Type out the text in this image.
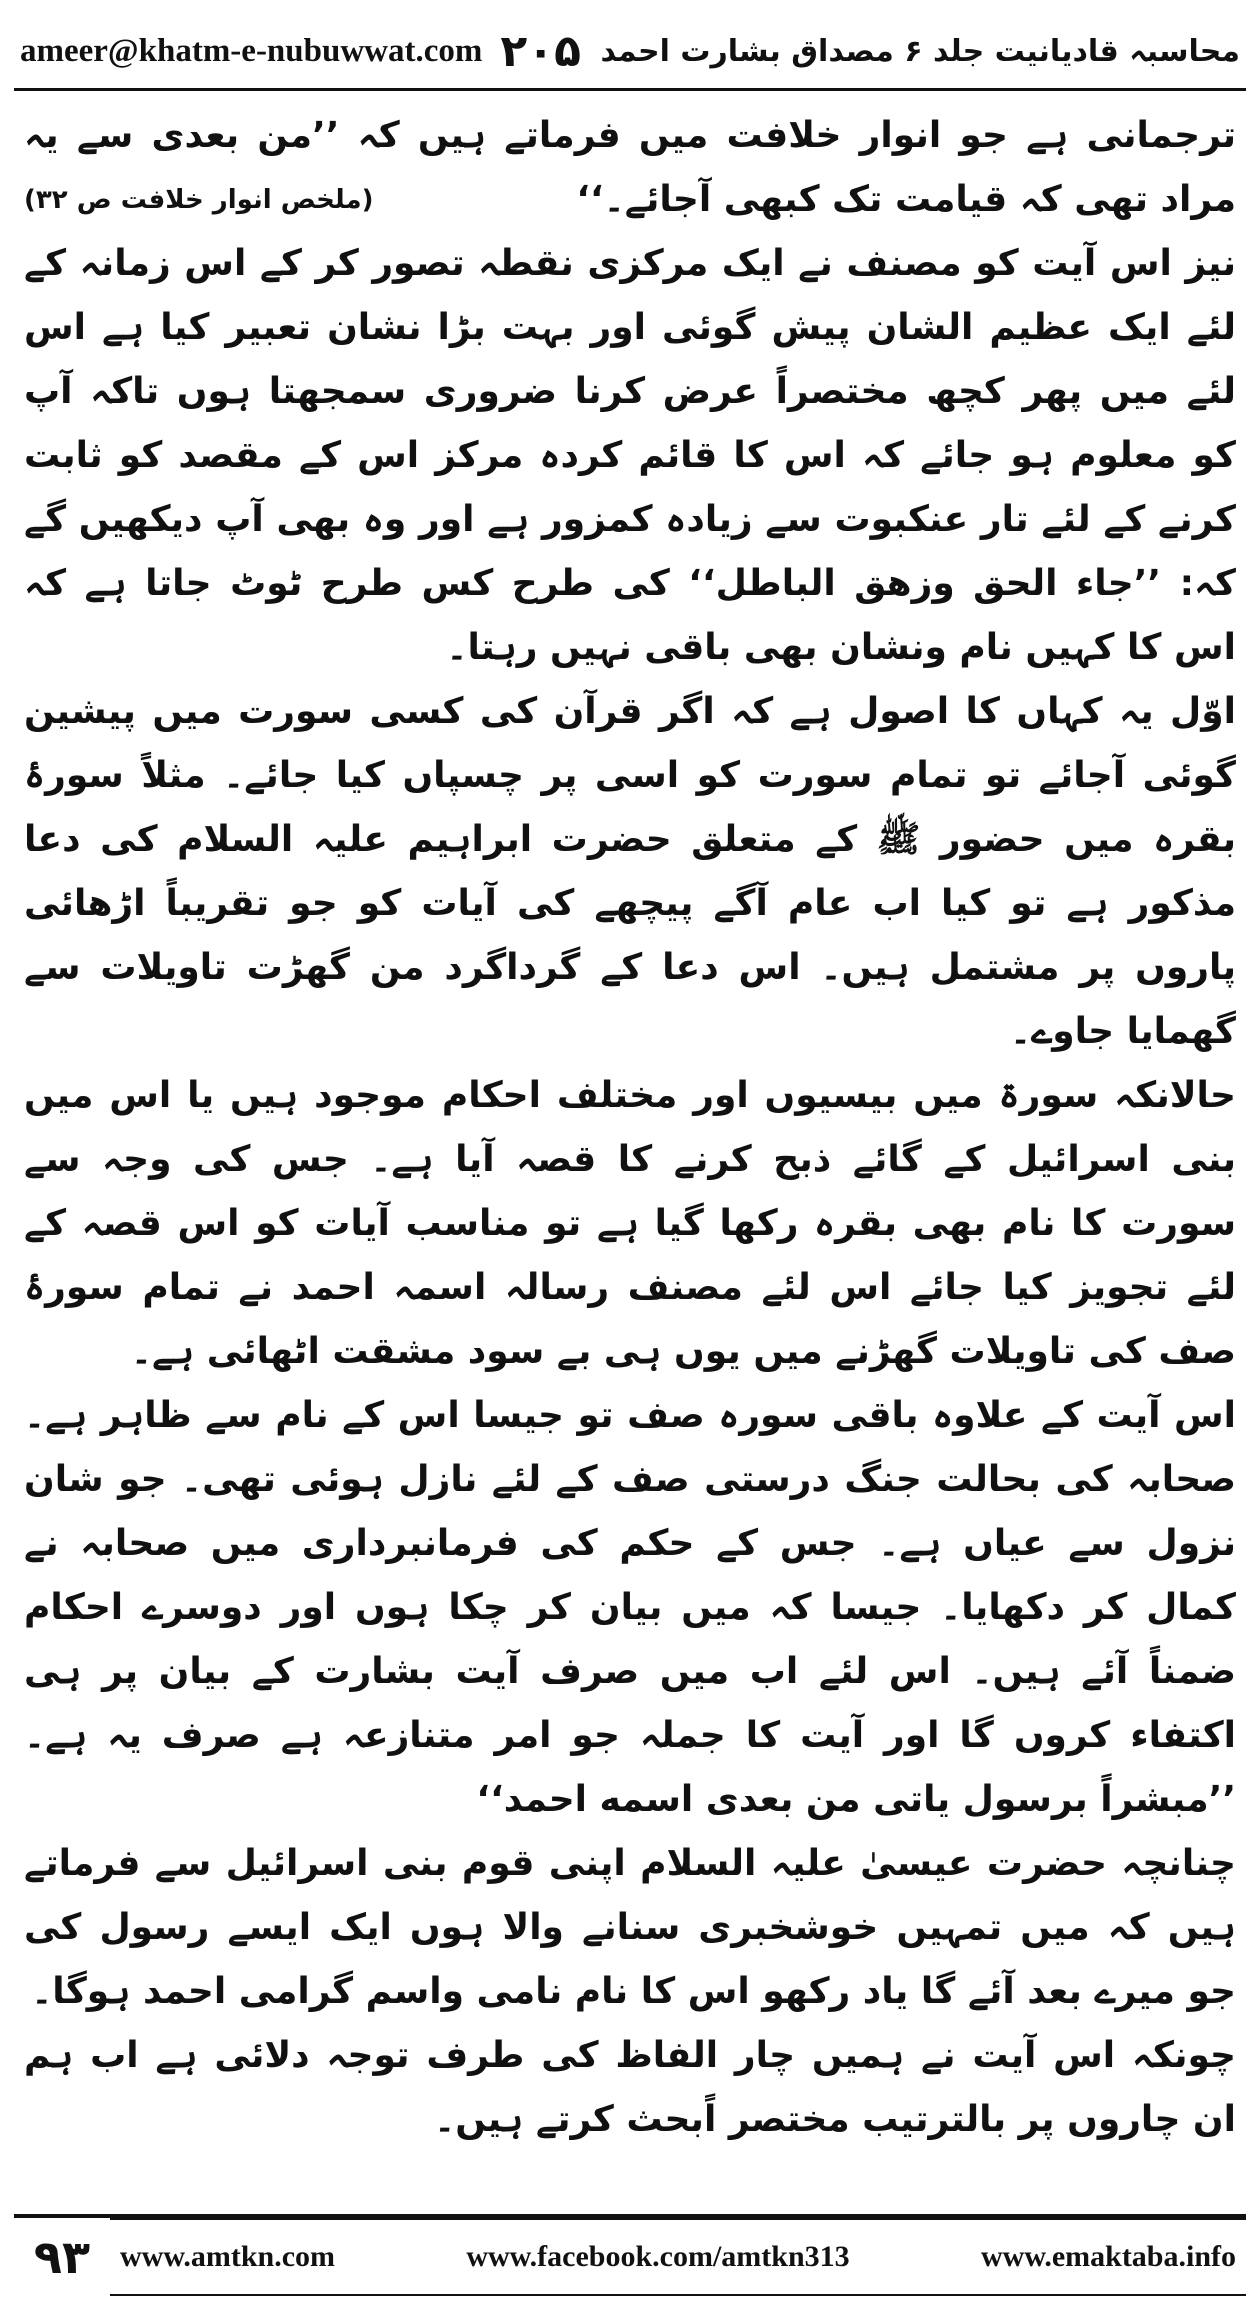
ameer@khatm-e-nubuwwat.com ۲۰۵ محاسبہ قادیانیت جلد ۶ مصداق بشارت احمد

ترجمانی ہے جو انوار خلافت میں فرماتے ہیں کہ ’’من بعدی سے یہ مراد تھی کہ قیامت تک کبھی آجائے۔‘‘
(ملخص انوار خلافت ص ۳۲)

نیز اس آیت کو مصنف نے ایک مرکزی نقطہ تصور کر کے اس زمانہ کے لئے ایک عظیم الشان پیش گوئی اور بہت بڑا نشان تعبیر کیا ہے اس لئے میں پھر کچھ مختصراً عرض کرنا ضروری سمجھتا ہوں تاکہ آپ کو معلوم ہو جائے کہ اس کا قائم کردہ مرکز اس کے مقصد کو ثابت کرنے کے لئے تار عنکبوت سے زیادہ کمزور ہے اور وہ بھی آپ دیکھیں گے کہ: ’’جاء الحق وزهق الباطل‘‘ کی طرح کس طرح ٹوٹ جاتا ہے کہ اس کا کہیں نام ونشان بھی باقی نہیں رہتا۔

اوّل یہ کہاں کا اصول ہے کہ اگر قرآن کی کسی سورت میں پیشین گوئی آجائے تو تمام سورت کو اسی پر چسپاں کیا جائے۔ مثلاً سورۂ بقرہ میں حضور ﷺ کے متعلق حضرت ابراہیم علیہ السلام کی دعا مذکور ہے تو کیا اب عام آگے پیچھے کی آیات کو جو تقریباً اڑھائی پاروں پر مشتمل ہیں۔ اس دعا کے گرداگرد من گھڑت تاویلات سے گھمایا جاوے۔

حالانکہ سورۃ میں بیسیوں اور مختلف احکام موجود ہیں یا اس میں بنی اسرائیل کے گائے ذبح کرنے کا قصہ آیا ہے۔ جس کی وجہ سے سورت کا نام بھی بقرہ رکھا گیا ہے تو مناسب آیات کو اس قصہ کے لئے تجویز کیا جائے اس لئے مصنف رسالہ اسمہ احمد نے تمام سورۂ صف کی تاویلات گھڑنے میں یوں ہی بے سود مشقت اٹھائی ہے۔

اس آیت کے علاوہ باقی سورہ صف تو جیسا اس کے نام سے ظاہر ہے۔ صحابہ کی بحالت جنگ درستی صف کے لئے نازل ہوئی تھی۔ جو شان نزول سے عیاں ہے۔ جس کے حکم کی فرمانبرداری میں صحابہ نے کمال کر دکھایا۔ جیسا کہ میں بیان کر چکا ہوں اور دوسرے احکام ضمناً آئے ہیں۔ اس لئے اب میں صرف آیت بشارت کے بیان پر ہی اکتفاء کروں گا اور آیت کا جملہ جو امر متنازعہ ہے صرف یہ ہے۔ ’’مبشراً برسول یاتی من بعدی اسمه احمد‘‘

چنانچہ حضرت عیسیٰ علیہ السلام اپنی قوم بنی اسرائیل سے فرماتے ہیں کہ میں تمہیں خوشخبری سنانے والا ہوں ایک ایسے رسول کی جو میرے بعد آئے گا یاد رکھو اس کا نام نامی واسم گرامی احمد ہوگا۔

چونکہ اس آیت نے ہمیں چار الفاظ کی طرف توجہ دلائی ہے اب ہم ان چاروں پر بالترتیب مختصر اًبحث کرتے ہیں۔

۹۳ www.amtkn.com	www.facebook.com/amtkn313	www.emaktaba.info
